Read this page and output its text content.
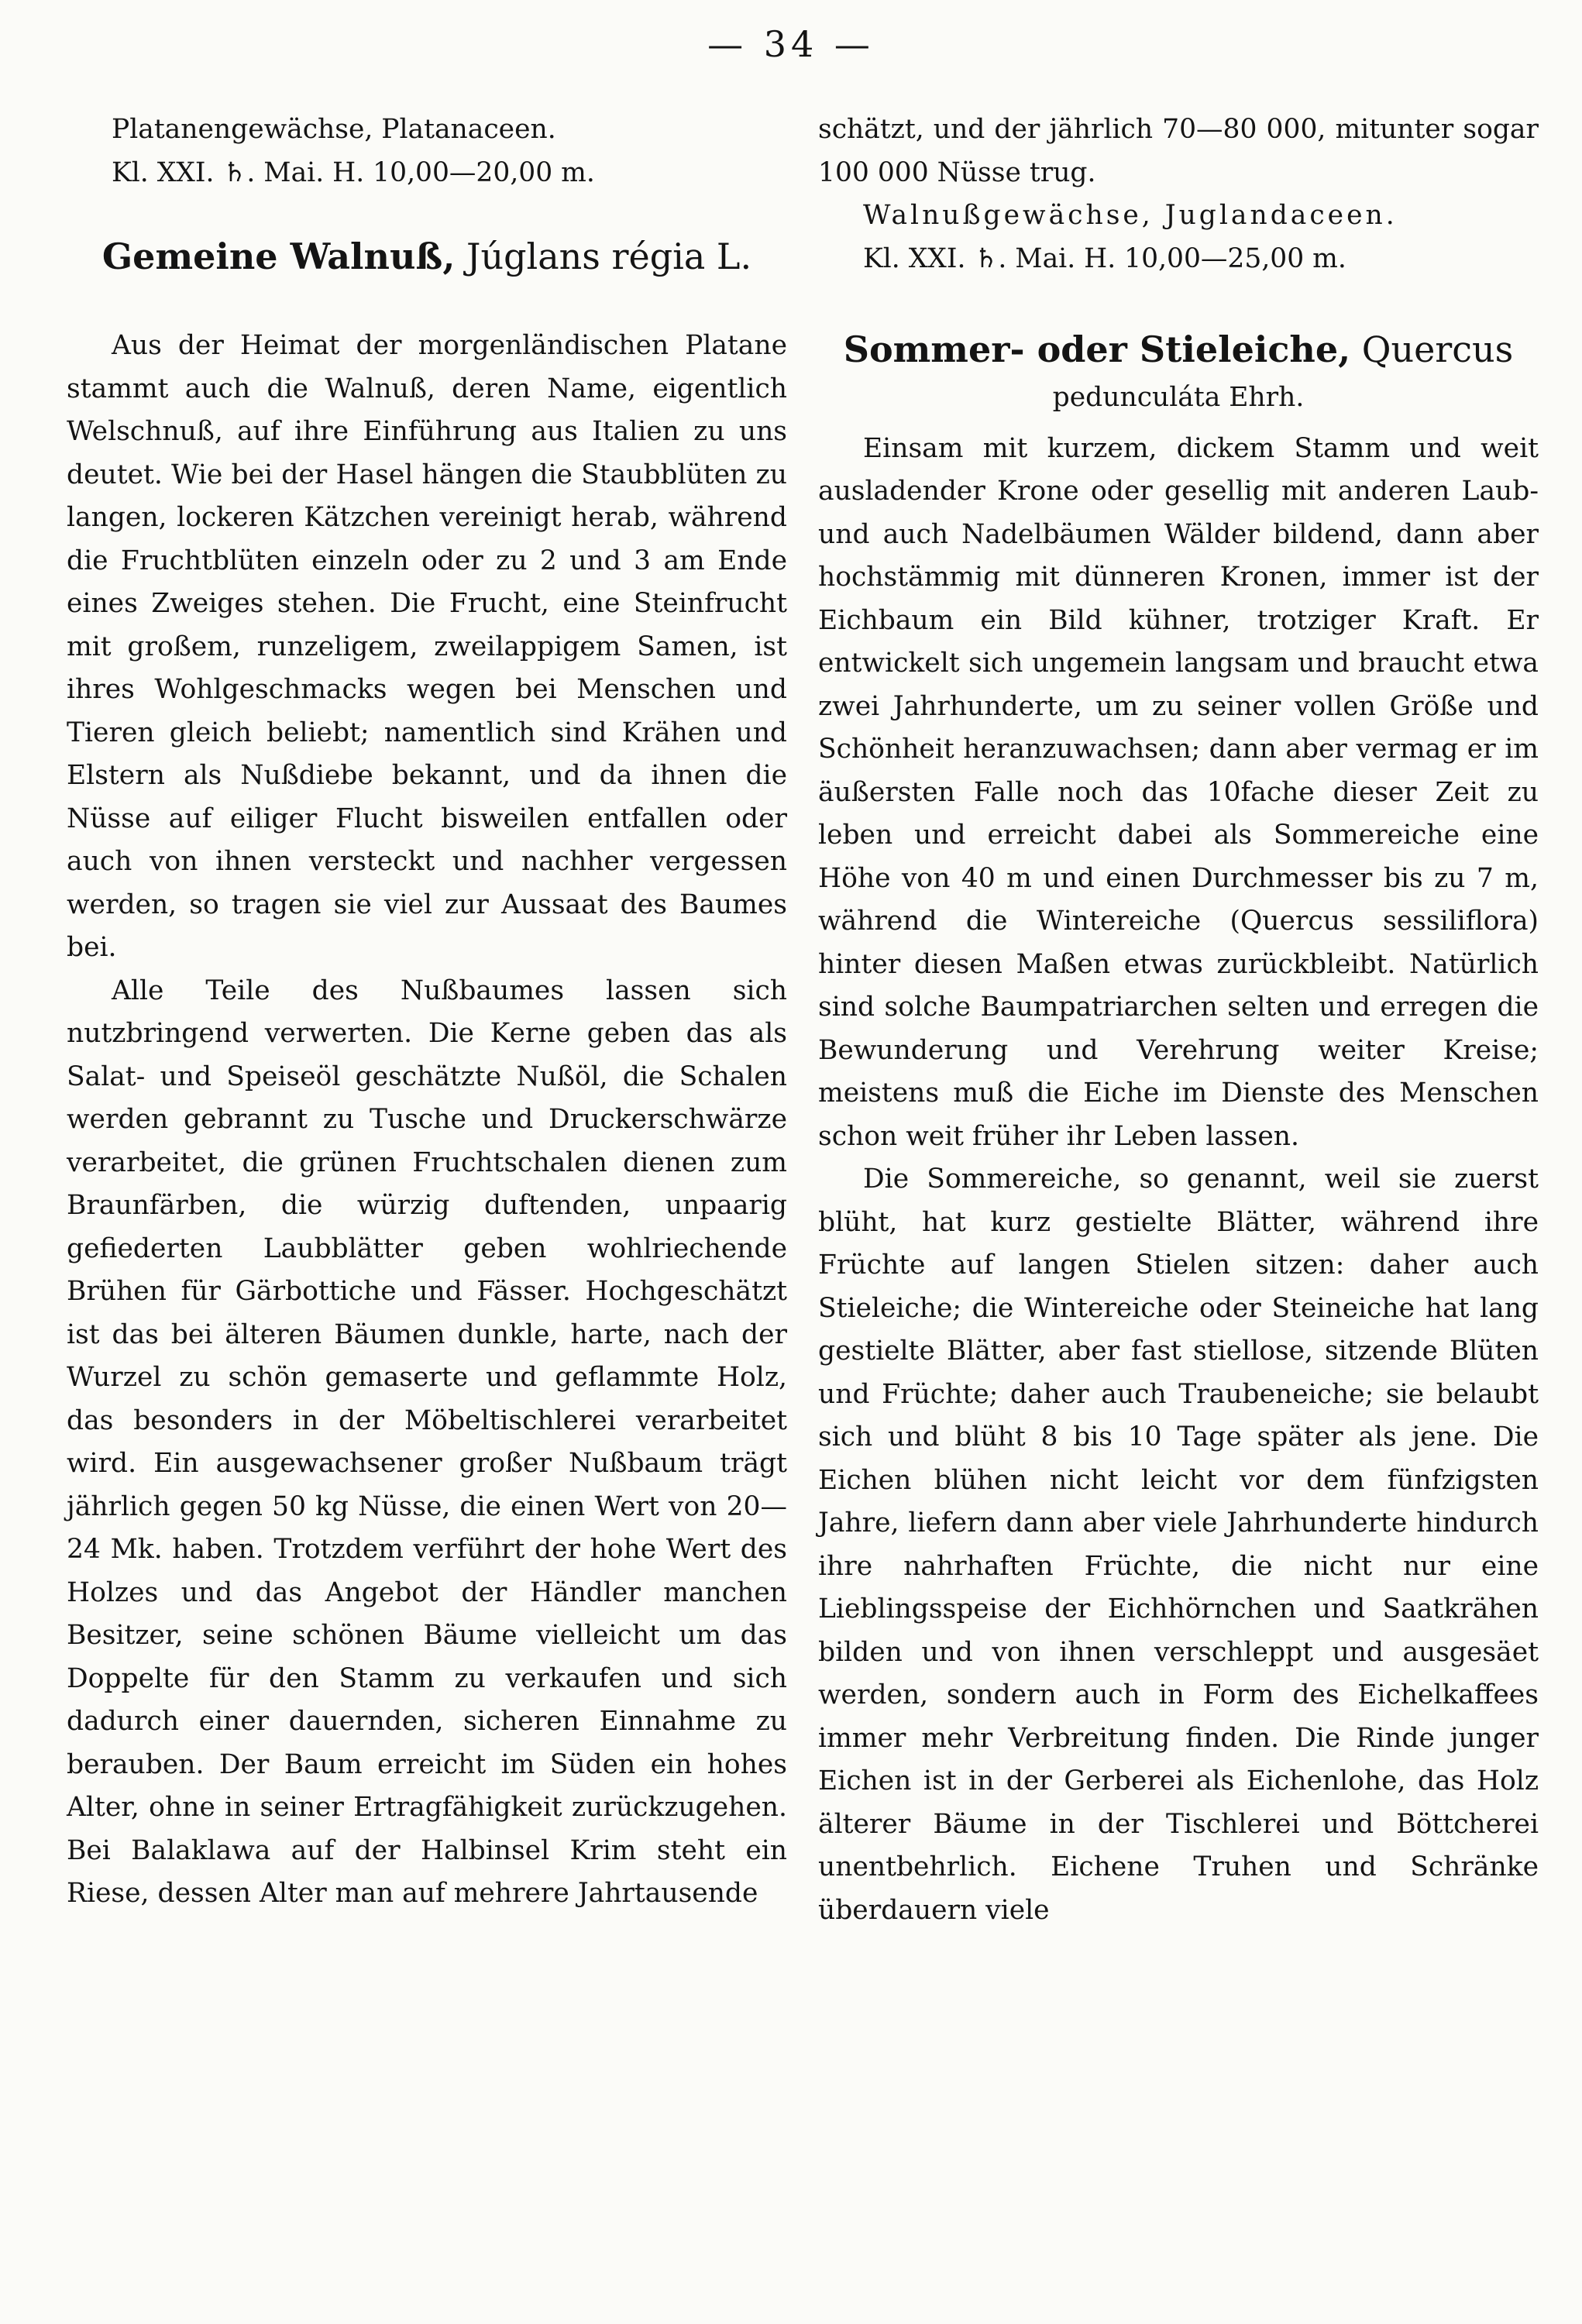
— 34 —

Platanengewächse, Platanaceen.

Kl. XXI. ♄. Mai. H. 10,00—20,00 m.

Gemeine Walnuß, Júglans régia L.

Aus der Heimat der morgenländischen Platane stammt auch die Walnuß, deren Name, eigentlich Welschnuß, auf ihre Einführung aus Italien zu uns deutet. Wie bei der Hasel hängen die Staubblüten zu langen, lockeren Kätzchen vereinigt herab, während die Fruchtblüten einzeln oder zu 2 und 3 am Ende eines Zweiges stehen. Die Frucht, eine Steinfrucht mit großem, runzeligem, zweilappigem Samen, ist ihres Wohlgeschmacks wegen bei Menschen und Tieren gleich beliebt; namentlich sind Krähen und Elstern als Nußdiebe bekannt, und da ihnen die Nüsse auf eiliger Flucht bisweilen entfallen oder auch von ihnen versteckt und nachher vergessen werden, so tragen sie viel zur Aussaat des Baumes bei.

Alle Teile des Nußbaumes lassen sich nutzbringend verwerten. Die Kerne geben das als Salat- und Speiseöl geschätzte Nußöl, die Schalen werden gebrannt zu Tusche und Druckerschwärze verarbeitet, die grünen Fruchtschalen dienen zum Braunfärben, die würzig duftenden, unpaarig gefiederten Laubblätter geben wohlriechende Brühen für Gärbottiche und Fässer. Hochgeschätzt ist das bei älteren Bäumen dunkle, harte, nach der Wurzel zu schön gemaserte und geflammte Holz, das besonders in der Möbeltischlerei verarbeitet wird. Ein ausgewachsener großer Nußbaum trägt jährlich gegen 50 kg Nüsse, die einen Wert von 20—24 Mk. haben. Trotzdem verführt der hohe Wert des Holzes und das Angebot der Händler manchen Besitzer, seine schönen Bäume vielleicht um das Doppelte für den Stamm zu verkaufen und sich dadurch einer dauernden, sicheren Einnahme zu berauben. Der Baum erreicht im Süden ein hohes Alter, ohne in seiner Ertragfähigkeit zurückzugehen. Bei Balaklawa auf der Halbinsel Krim steht ein Riese, dessen Alter man auf mehrere Jahrtausende

schätzt, und der jährlich 70—80 000, mitunter sogar 100 000 Nüsse trug.

Walnußgewächse, Juglandaceen.

Kl. XXI. ♄. Mai. H. 10,00—25,00 m.

Sommer- oder Stieleiche, Quercus
pedunculáta Ehrh.

Einsam mit kurzem, dickem Stamm und weit ausladender Krone oder gesellig mit anderen Laub- und auch Nadelbäumen Wälder bildend, dann aber hochstämmig mit dünneren Kronen, immer ist der Eichbaum ein Bild kühner, trotziger Kraft. Er entwickelt sich ungemein langsam und braucht etwa zwei Jahrhunderte, um zu seiner vollen Größe und Schönheit heranzuwachsen; dann aber vermag er im äußersten Falle noch das 10fache dieser Zeit zu leben und erreicht dabei als Sommereiche eine Höhe von 40 m und einen Durchmesser bis zu 7 m, während die Wintereiche (Quercus sessiliflora) hinter diesen Maßen etwas zurückbleibt. Natürlich sind solche Baumpatriarchen selten und erregen die Bewunderung und Verehrung weiter Kreise; meistens muß die Eiche im Dienste des Menschen schon weit früher ihr Leben lassen.

Die Sommereiche, so genannt, weil sie zuerst blüht, hat kurz gestielte Blätter, während ihre Früchte auf langen Stielen sitzen: daher auch Stieleiche; die Wintereiche oder Steineiche hat lang gestielte Blätter, aber fast stiellose, sitzende Blüten und Früchte; daher auch Traubeneiche; sie belaubt sich und blüht 8 bis 10 Tage später als jene. Die Eichen blühen nicht leicht vor dem fünfzigsten Jahre, liefern dann aber viele Jahrhunderte hindurch ihre nahrhaften Früchte, die nicht nur eine Lieblingsspeise der Eichhörnchen und Saatkrähen bilden und von ihnen verschleppt und ausgesäet werden, sondern auch in Form des Eichelkaffees immer mehr Verbreitung finden. Die Rinde junger Eichen ist in der Gerberei als Eichenlohe, das Holz älterer Bäume in der Tischlerei und Böttcherei unentbehrlich. Eichene Truhen und Schränke überdauern viele
